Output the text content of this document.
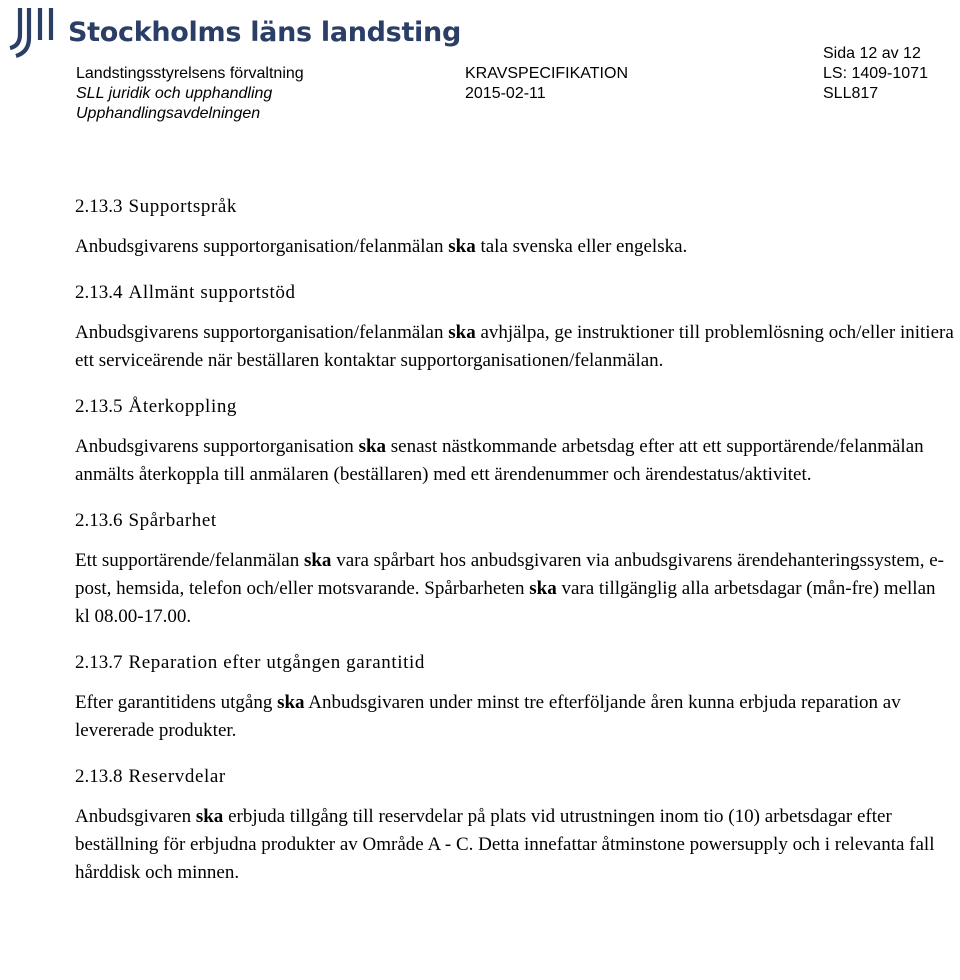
Stockholms läns landsting
Landstingsstyrelsens förvaltning
SLL juridik och upphandling
Upphandlingsavdelningen
KRAVSPECIFIKATION
2015-02-11
Sida 12 av 12
LS: 1409-1071
SLL817
2.13.3 Supportspråk
Anbudsgivarens supportorganisation/felanmälan ska tala svenska eller engelska.
2.13.4 Allmänt supportstöd
Anbudsgivarens supportorganisation/felanmälan ska avhjälpa, ge instruktioner till problemlösning och/eller initiera ett serviceärende när beställaren kontaktar supportorganisationen/felanmälan.
2.13.5 Återkoppling
Anbudsgivarens supportorganisation ska senast nästkommande arbetsdag efter att ett supportärende/felanmälan anmälts återkoppla till anmälaren (beställaren) med ett ärendenummer och ärendestatus/aktivitet.
2.13.6 Spårbarhet
Ett supportärende/felanmälan ska vara spårbart hos anbudsgivaren via anbudsgivarens ärendehanteringssystem, e-post, hemsida, telefon och/eller motsvarande. Spårbarheten ska vara tillgänglig alla arbetsdagar (mån-fre) mellan kl 08.00-17.00.
2.13.7 Reparation efter utgången garantitid
Efter garantitidens utgång ska Anbudsgivaren under minst tre efterföljande åren kunna erbjuda reparation av levererade produkter.
2.13.8 Reservdelar
Anbudsgivaren ska erbjuda tillgång till reservdelar på plats vid utrustningen inom tio (10) arbetsdagar efter beställning för erbjudna produkter av Område A - C. Detta innefattar åtminstone powersupply och i relevanta fall hårddisk och minnen.
